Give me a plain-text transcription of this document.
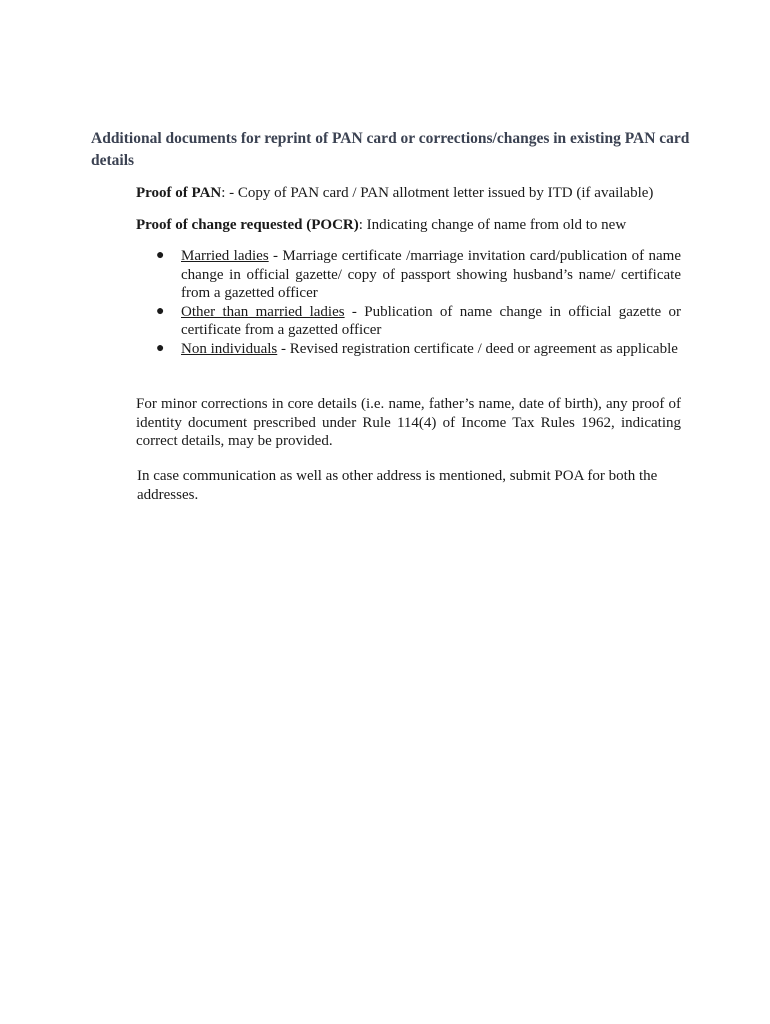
Additional documents for reprint of PAN card or corrections/changes in existing PAN card details

Proof of PAN: - Copy of PAN card / PAN allotment letter issued by ITD (if available)

Proof of change requested (POCR): Indicating change of name from old to new

● Married ladies - Marriage certificate /marriage invitation card/publication of name change in official gazette/ copy of passport showing husband’s name/ certificate from a gazetted officer
● Other than married ladies - Publication of name change in official gazette or certificate from a gazetted officer
● Non individuals - Revised registration certificate / deed or agreement as applicable

For minor corrections in core details (i.e. name, father’s name, date of birth), any proof of identity document prescribed under Rule 114(4) of Income Tax Rules 1962, indicating correct details, may be provided.

In case communication as well as other address is mentioned, submit POA for both the addresses.
